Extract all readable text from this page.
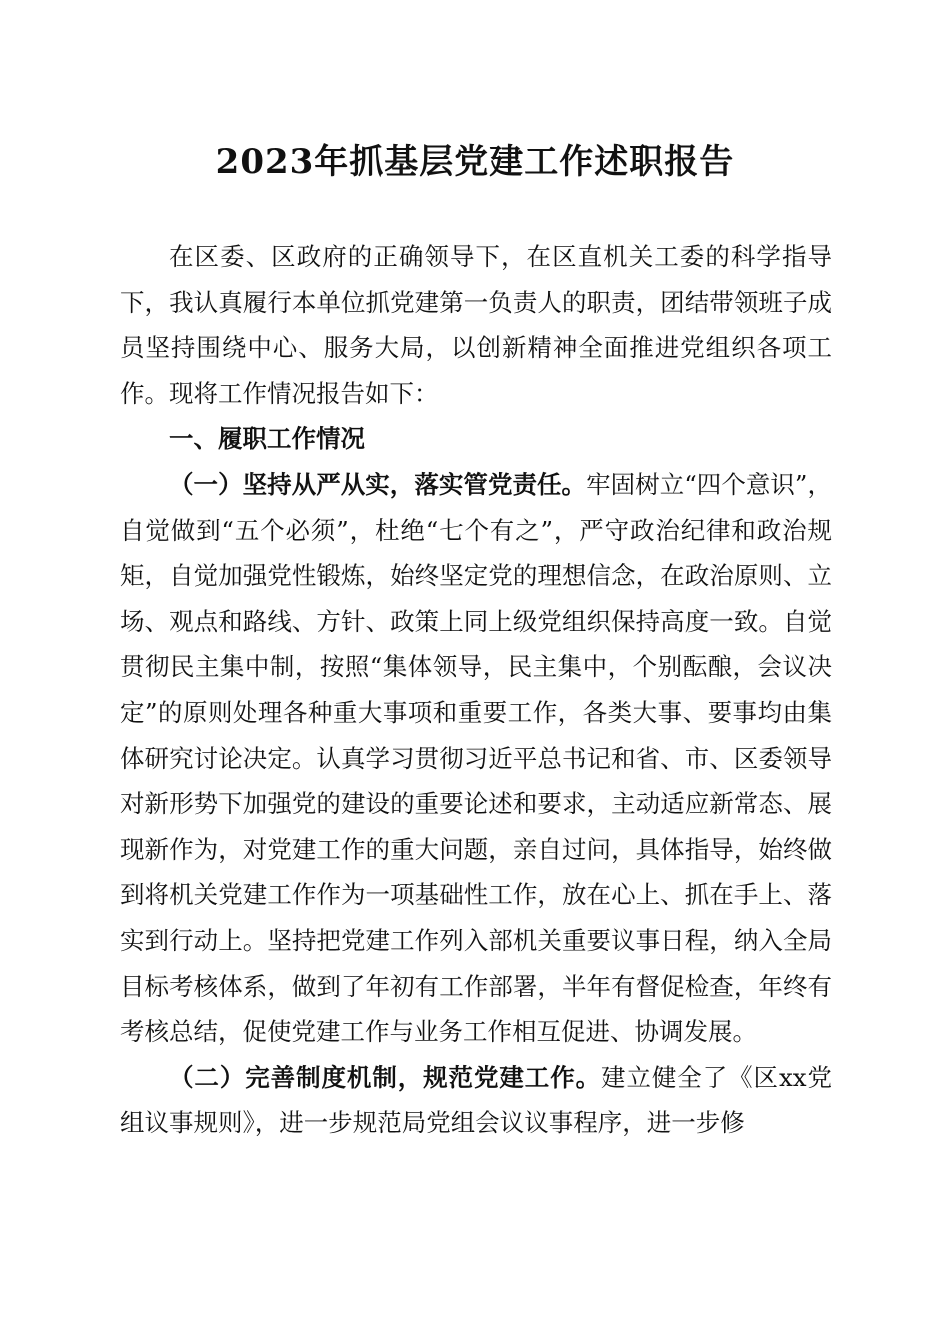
2023年抓基层党建工作述职报告

在区委、区政府的正确领导下，在区直机关工委的科学指导下，我认真履行本单位抓党建第一负责人的职责，团结带领班子成员坚持围绕中心、服务大局，以创新精神全面推进党组织各项工作。现将工作情况报告如下：

一、履职工作情况

（一）坚持从严从实，落实管党责任。牢固树立“四个意识”，自觉做到“五个必须”，杜绝“七个有之”，严守政治纪律和政治规矩，自觉加强党性锻炼，始终坚定党的理想信念，在政治原则、立场、观点和路线、方针、政策上同上级党组织保持高度一致。自觉贯彻民主集中制，按照“集体领导，民主集中，个别酝酿，会议决定”的原则处理各种重大事项和重要工作，各类大事、要事均由集体研究讨论决定。认真学习贯彻习近平总书记和省、市、区委领导对新形势下加强党的建设的重要论述和要求，主动适应新常态、展现新作为，对党建工作的重大问题，亲自过问，具体指导，始终做到将机关党建工作作为一项基础性工作，放在心上、抓在手上、落实到行动上。坚持把党建工作列入部机关重要议事日程，纳入全局目标考核体系，做到了年初有工作部署，半年有督促检查，年终有考核总结，促使党建工作与业务工作相互促进、协调发展。

（二）完善制度机制，规范党建工作。建立健全了《区xx党组议事规则》，进一步规范局党组会议议事程序，进一步修
